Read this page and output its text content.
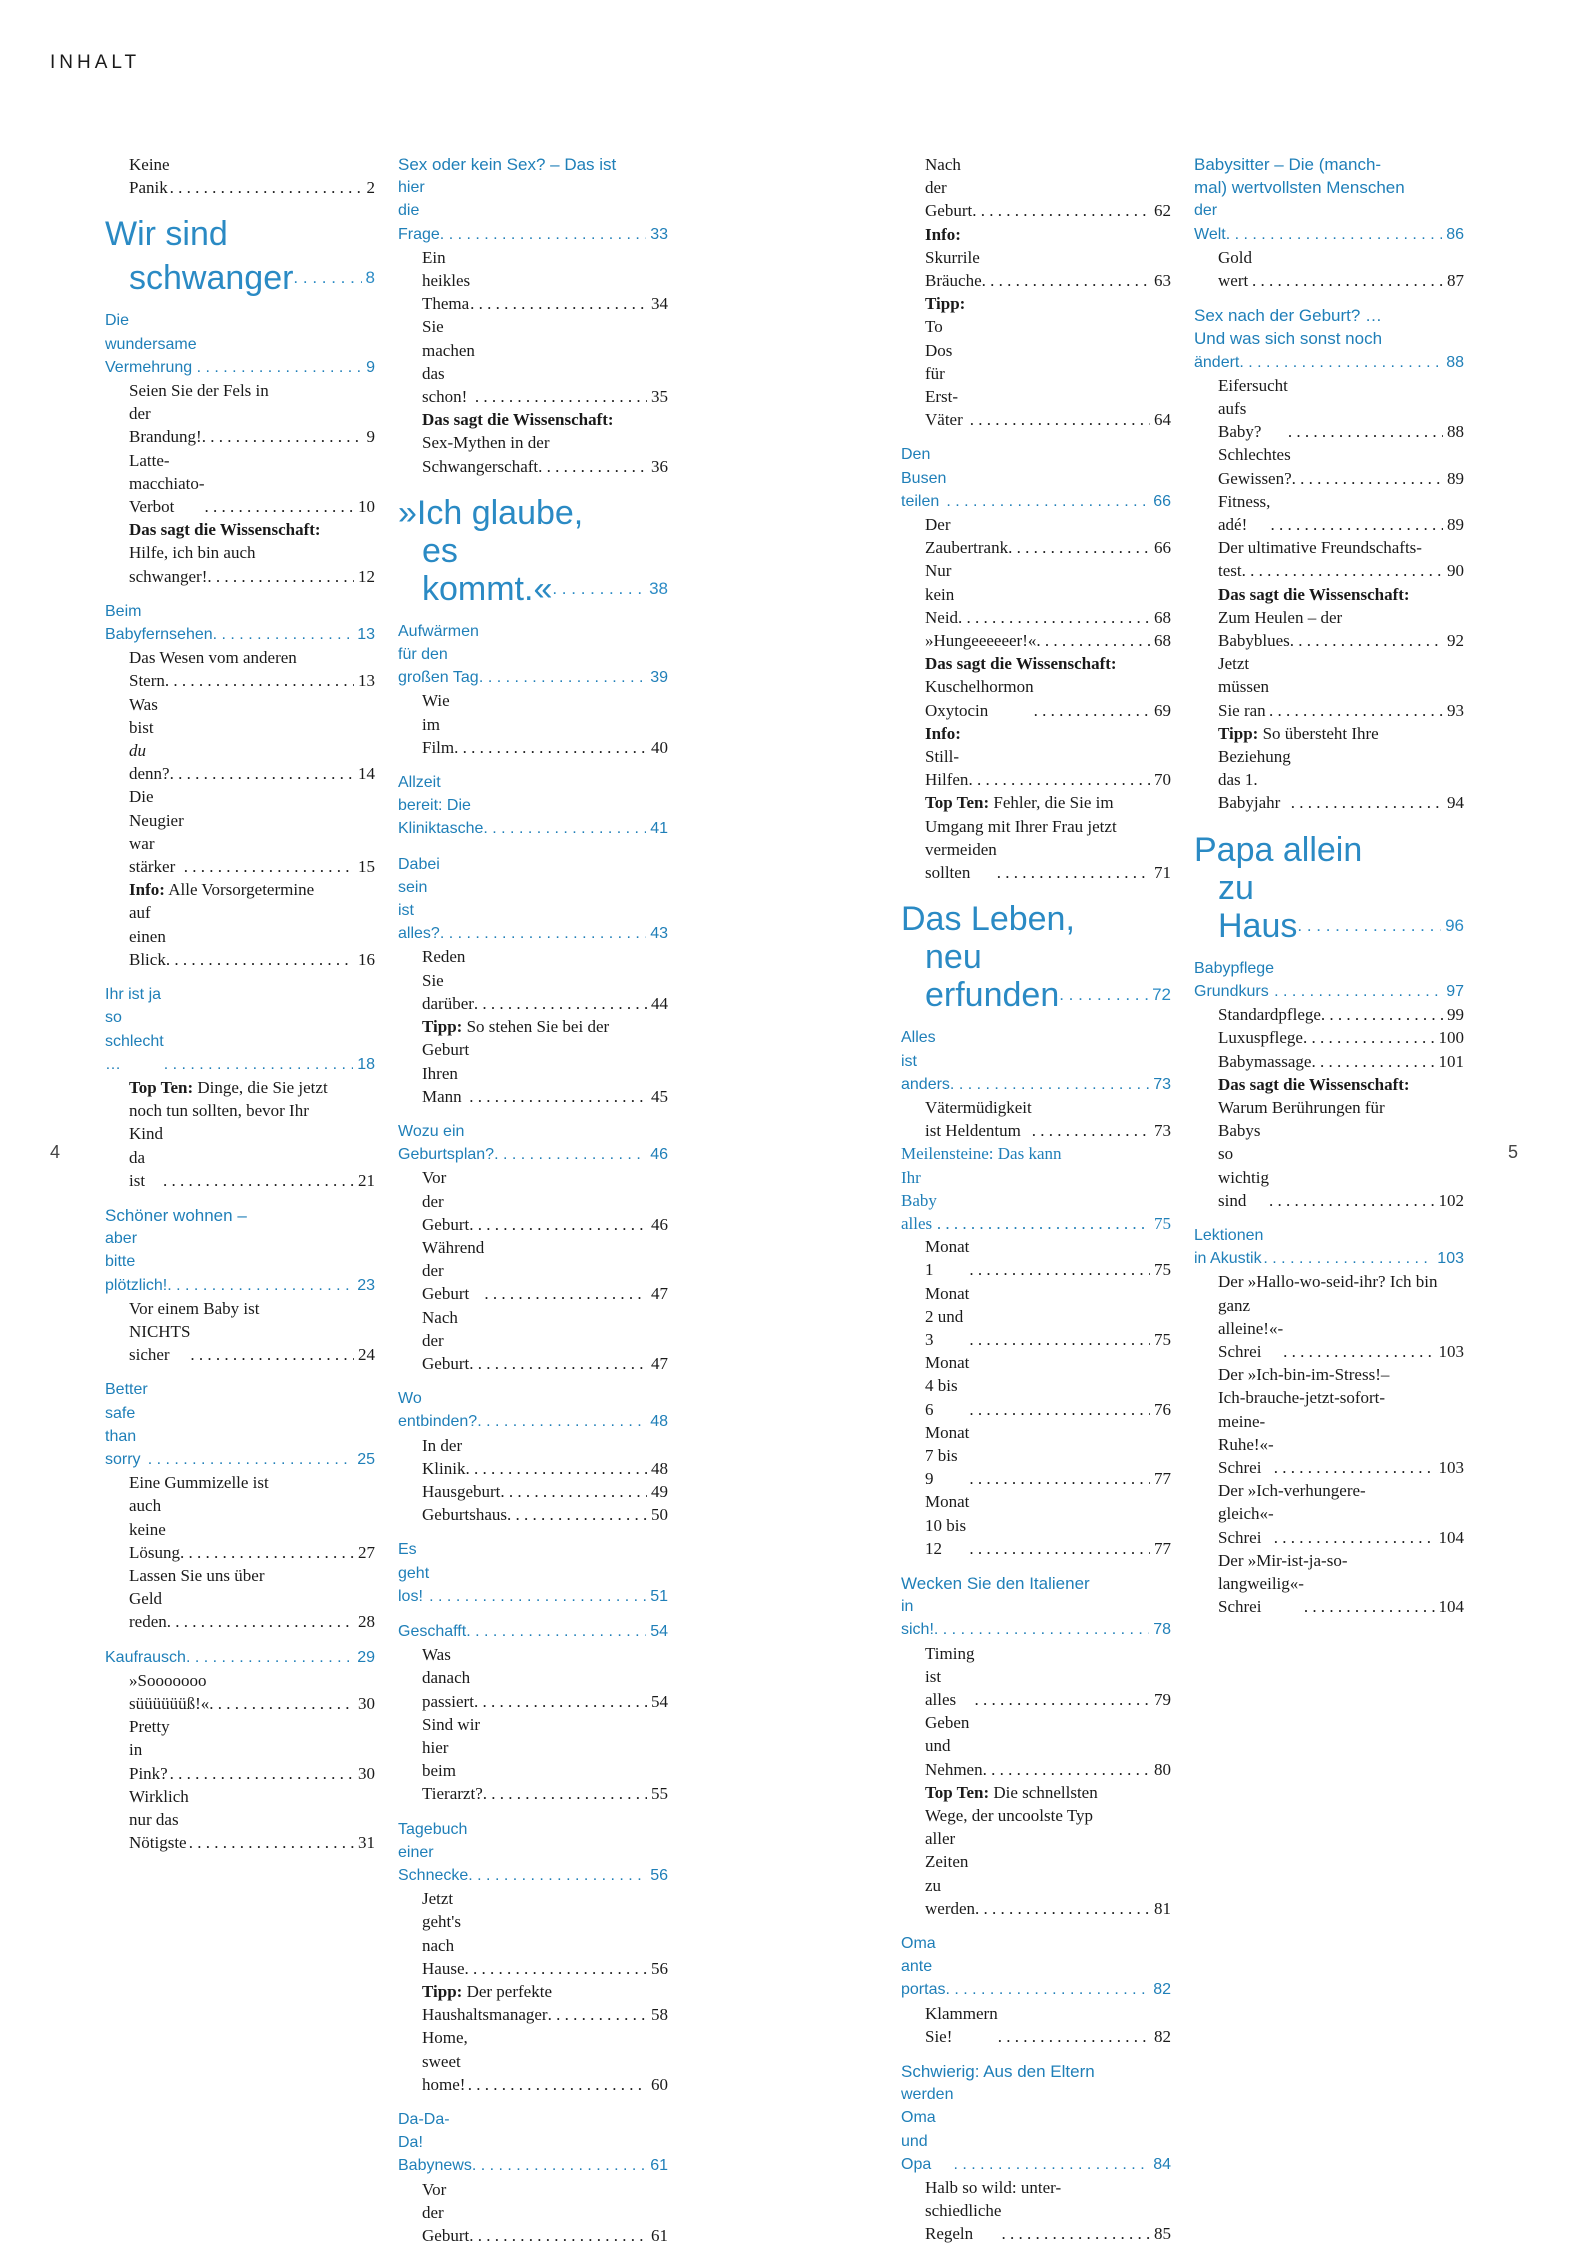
INHALT
Keine Panik . . .	2
Wir sind
schwanger . . .	8
Die wundersame Vermehrung . . .	9
Seien Sie der Fels in
der Brandung! . . .	9
Latte-macchiato-Verbot . . .	10
Das sagt die Wissenschaft:
Hilfe, ich bin auch
schwanger! . . .	12
Beim Babyfernsehen . . .	13
Das Wesen vom anderen
Stern . . .	13
Was bist du denn? . . .	14
Die Neugier war stärker . . .	15
Info: Alle Vorsorgetermine
auf einen Blick . . .	16
Ihr ist ja so schlecht … . . .	18
Top Ten: Dinge, die Sie jetzt
noch tun sollten, bevor Ihr
Kind da ist . . .	21
Schöner wohnen –
aber bitte plötzlich! . . .	23
Vor einem Baby ist
NICHTS sicher . . .	24
Better safe than sorry . . .	25
Eine Gummizelle ist
auch keine Lösung . . .	27
Lassen Sie uns über
Geld reden . . .	28
Kaufrausch . . .	29
»Sooooooo süüüüüüß!« . . .	30
Pretty in Pink? . . .	30
Wirklich nur das Nötigste . . .	31
Sex oder kein Sex? – Das ist
hier die Frage . . .	33
Ein heikles Thema . . .	34
Sie machen das schon! . . .	35
Das sagt die Wissenschaft:
Sex-Mythen in der
Schwangerschaft . . .	36
»Ich glaube,
es kommt.« . . .	38
Aufwärmen für den großen Tag . . .	39
Wie im Film . . .	40
Allzeit bereit: Die Kliniktasche . . .	41
Dabei sein ist alles? . . .	43
Reden Sie darüber . . .	44
Tipp: So stehen Sie bei der
Geburt Ihren Mann . . .	45
Wozu ein Geburtsplan? . . .	46
Vor der Geburt . . .	46
Während der Geburt . . .	47
Nach der Geburt . . .	47
Wo entbinden? . . .	48
In der Klinik . . .	48
Hausgeburt . . .	49
Geburtshaus . . .	50
Es geht los! . . .	51
Geschafft . . .	54
Was danach passiert . . .	54
Sind wir hier beim Tierarzt? . . .	55
Tagebuch einer Schnecke . . .	56
Jetzt geht's nach Hause . . .	56
Tipp: Der perfekte
Haushaltsmanager . . .	58
Home, sweet home! . . .	60
Da-Da-Da! Babynews . . .	61
Vor der Geburt . . .	61
Nach der Geburt . . .	62
Info: Skurrile Bräuche . . .	63
Tipp: To Dos für Erst-Väter . . .	64
Den Busen teilen . . .	66
Der Zaubertrank . . .	66
Nur kein Neid . . .	68
»Hungeeeeeer!« . . .	68
Das sagt die Wissenschaft:
Kuschelhormon Oxytocin . . .	69
Info: Still-Hilfen . . .	70
Top Ten: Fehler, die Sie im
Umgang mit Ihrer Frau jetzt
vermeiden sollten . . .	71
Das Leben,
neu erfunden . . .	72
Alles ist anders . . .	73
Vätermüdigkeit ist Heldentum . . .	73
Meilensteine: Das kann
Ihr Baby alles . . .	75
Monat 1 . . .	75
Monat 2 und 3 . . .	75
Monat 4 bis 6 . . .	76
Monat 7 bis 9 . . .	77
Monat 10 bis 12 . . .	77
Wecken Sie den Italiener
in sich! . . .	78
Timing ist alles . . .	79
Geben und Nehmen . . .	80
Top Ten: Die schnellsten
Wege, der uncoolste Typ
aller Zeiten zu werden . . .	81
Oma ante portas . . .	82
Klammern Sie! . . .	82
Schwierig: Aus den Eltern
werden Oma und Opa . . .	84
Halb so wild: unter-
schiedliche Regeln . . .	85
Babysitter – Die (manch-
mal) wertvollsten Menschen
der Welt . . .	86
Gold wert . . .	87
Sex nach der Geburt? …
Und was sich sonst noch
ändert . . .	88
Eifersucht aufs Baby? . . .	88
Schlechtes Gewissen? . . .	89
Fitness, adé! . . .	89
Der ultimative Freundschafts-
test . . .	90
Das sagt die Wissenschaft:
Zum Heulen – der
Babyblues . . .	92
Jetzt müssen Sie ran . . .	93
Tipp: So übersteht Ihre
Beziehung das 1. Babyjahr . . .	94
Papa allein
zu Haus . . .	96
Babypflege Grundkurs . . .	97
Standardpflege . . .	99
Luxuspflege . . .	100
Babymassage . . .	101
Das sagt die Wissenschaft:
Warum Berührungen für
Babys so wichtig sind . . .	102
Lektionen in Akustik . . .	103
Der »Hallo-wo-seid-ihr? Ich bin
ganz alleine!«-Schrei . . .	103
Der »Ich-bin-im-Stress!–
Ich-brauche-jetzt-sofort-
meine-Ruhe!«-Schrei . . .	103
Der »Ich-verhungere-
gleich«-Schrei . . .	104
Der »Mir-ist-ja-so-
langweilig«-Schrei . . .	104
4	5
